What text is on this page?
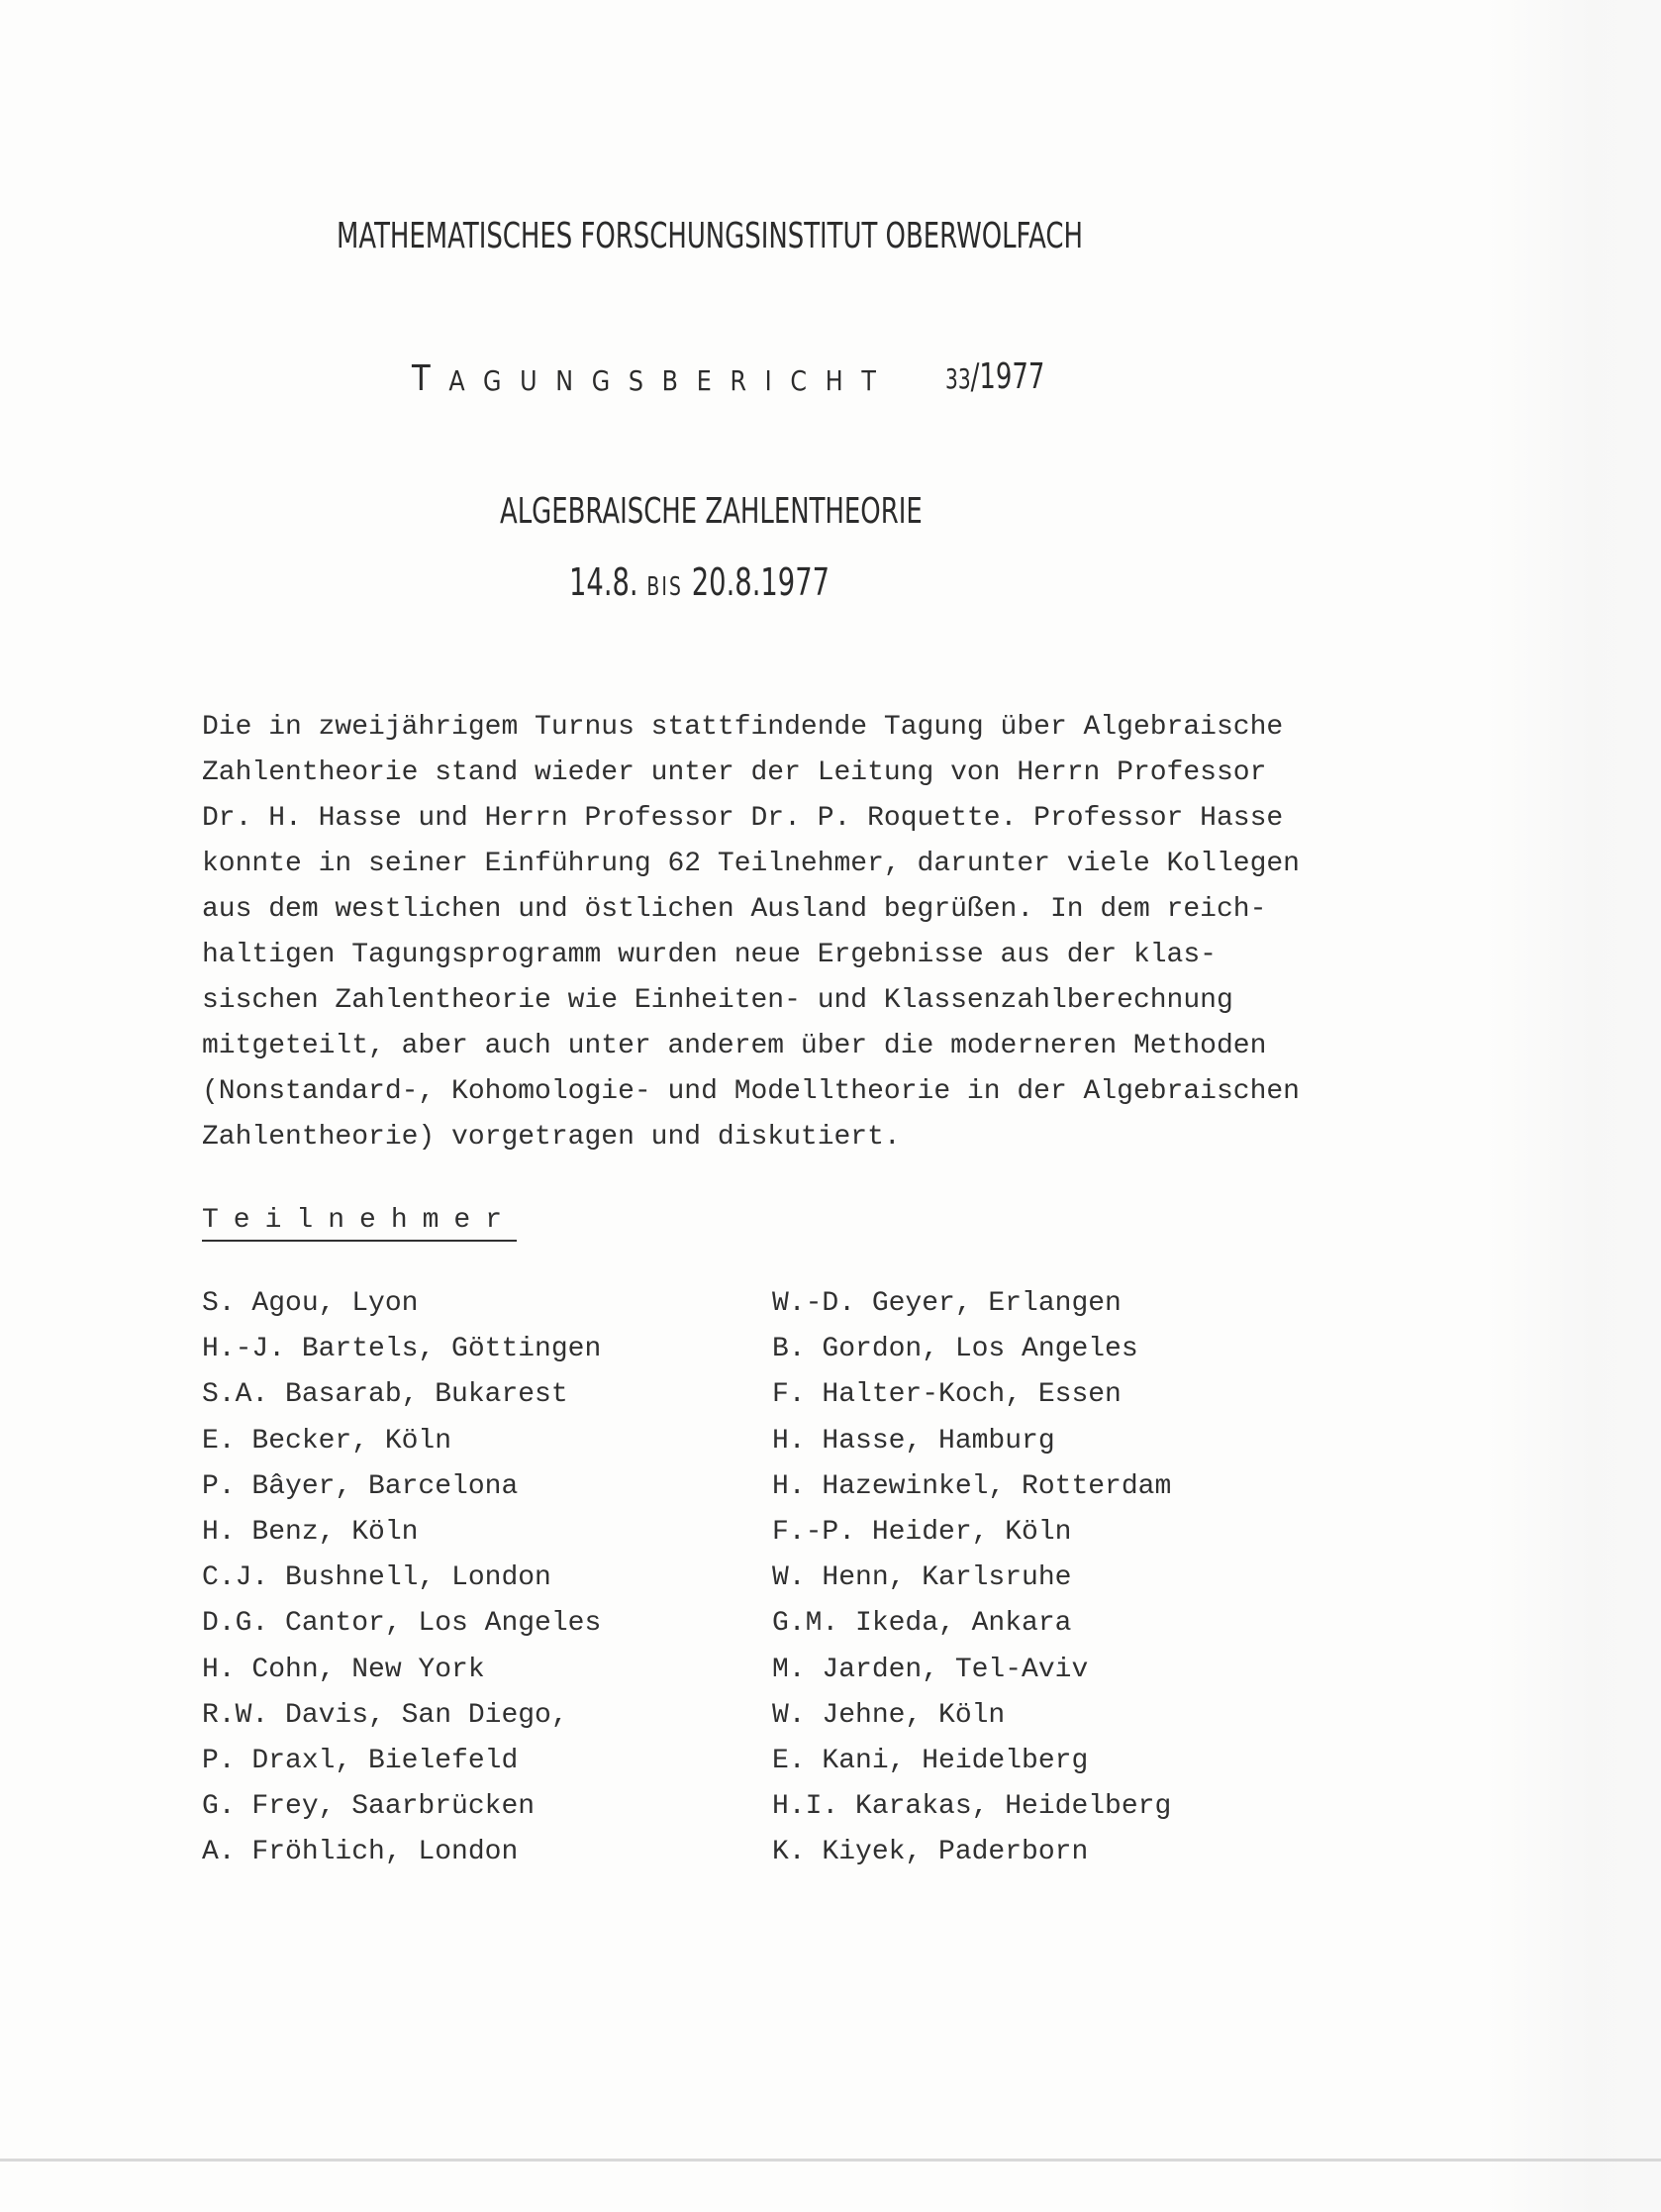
MATHEMATISCHES FORSCHUNGSINSTITUT OBERWOLFACH
TAGUNGSBERICHT 33/1977
ALGEBRAISCHE ZAHLENTHEORIE
14.8. BIS 20.8.1977
Die in zweijährigem Turnus stattfindende Tagung über Algebraische
Zahlentheorie stand wieder unter der Leitung von Herrn Professor
Dr. H. Hasse und Herrn Professor Dr. P. Roquette. Professor Hasse
konnte in seiner Einführung 62 Teilnehmer, darunter viele Kollegen
aus dem westlichen und östlichen Ausland begrüßen. In dem reich-
haltigen Tagungsprogramm wurden neue Ergebnisse aus der klas-
sischen Zahlentheorie wie Einheiten- und Klassenzahlberechnung
mitgeteilt, aber auch unter anderem über die moderneren Methoden
(Nonstandard-, Kohomologie- und Modelltheorie in der Algebraischen
Zahlentheorie) vorgetragen und diskutiert.
Teilnehmer
S. Agou, Lyon
H.-J. Bartels, Göttingen
S.A. Basarab, Bukarest
E. Becker, Köln
P. Bâyer, Barcelona
H. Benz, Köln
C.J. Bushnell, London
D.G. Cantor, Los Angeles
H. Cohn, New York
R.W. Davis, San Diego,
P. Draxl, Bielefeld
G. Frey, Saarbrücken
A. Fröhlich, London
W.-D. Geyer, Erlangen
B. Gordon, Los Angeles
F. Halter-Koch, Essen
H. Hasse, Hamburg
H. Hazewinkel, Rotterdam
F.-P. Heider, Köln
W. Henn, Karlsruhe
G.M. Ikeda, Ankara
M. Jarden, Tel-Aviv
W. Jehne, Köln
E. Kani, Heidelberg
H.I. Karakas, Heidelberg
K. Kiyek, Paderborn
